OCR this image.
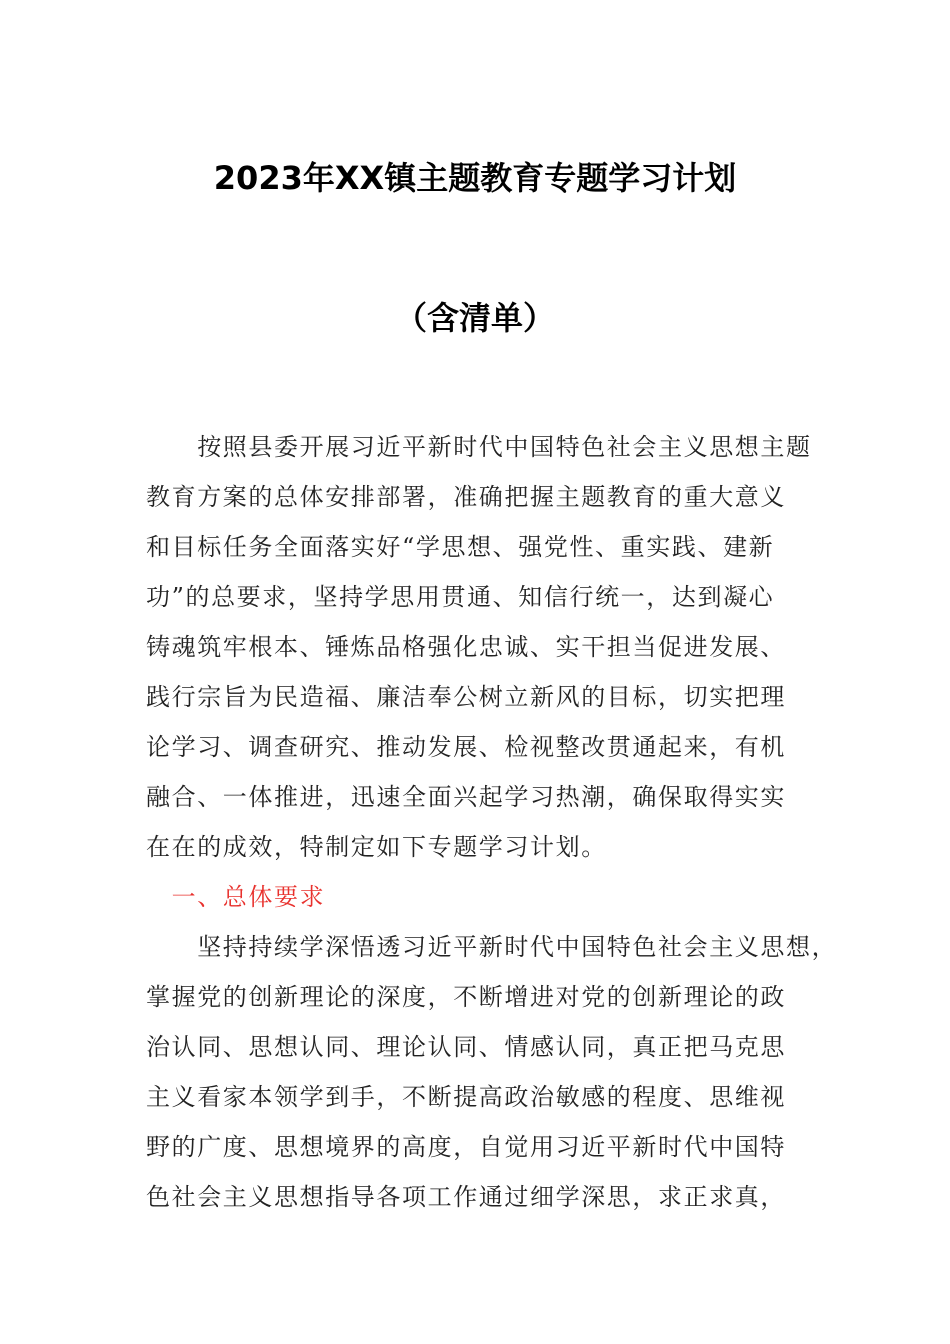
2023年XX镇主题教育专题学习计划
（含清单）
　　按照县委开展习近平新时代中国特色社会主义思想主题
教育方案的总体安排部署，准确把握主题教育的重大意义
和目标任务全面落实好“学思想、强党性、重实践、建新
功”的总要求，坚持学思用贯通、知信行统一，达到凝心
铸魂筑牢根本、锤炼品格强化忠诚、实干担当促进发展、
践行宗旨为民造福、廉洁奉公树立新风的目标，切实把理
论学习、调查研究、推动发展、检视整改贯通起来，有机
融合、一体推进，迅速全面兴起学习热潮，确保取得实实
在在的成效，特制定如下专题学习计划。
　一、总体要求
　　坚持持续学深悟透习近平新时代中国特色社会主义思想，
掌握党的创新理论的深度，不断增进对党的创新理论的政
治认同、思想认同、理论认同、情感认同，真正把马克思
主义看家本领学到手，不断提高政治敏感的程度、思维视
野的广度、思想境界的高度，自觉用习近平新时代中国特
色社会主义思想指导各项工作通过细学深思，求正求真，
